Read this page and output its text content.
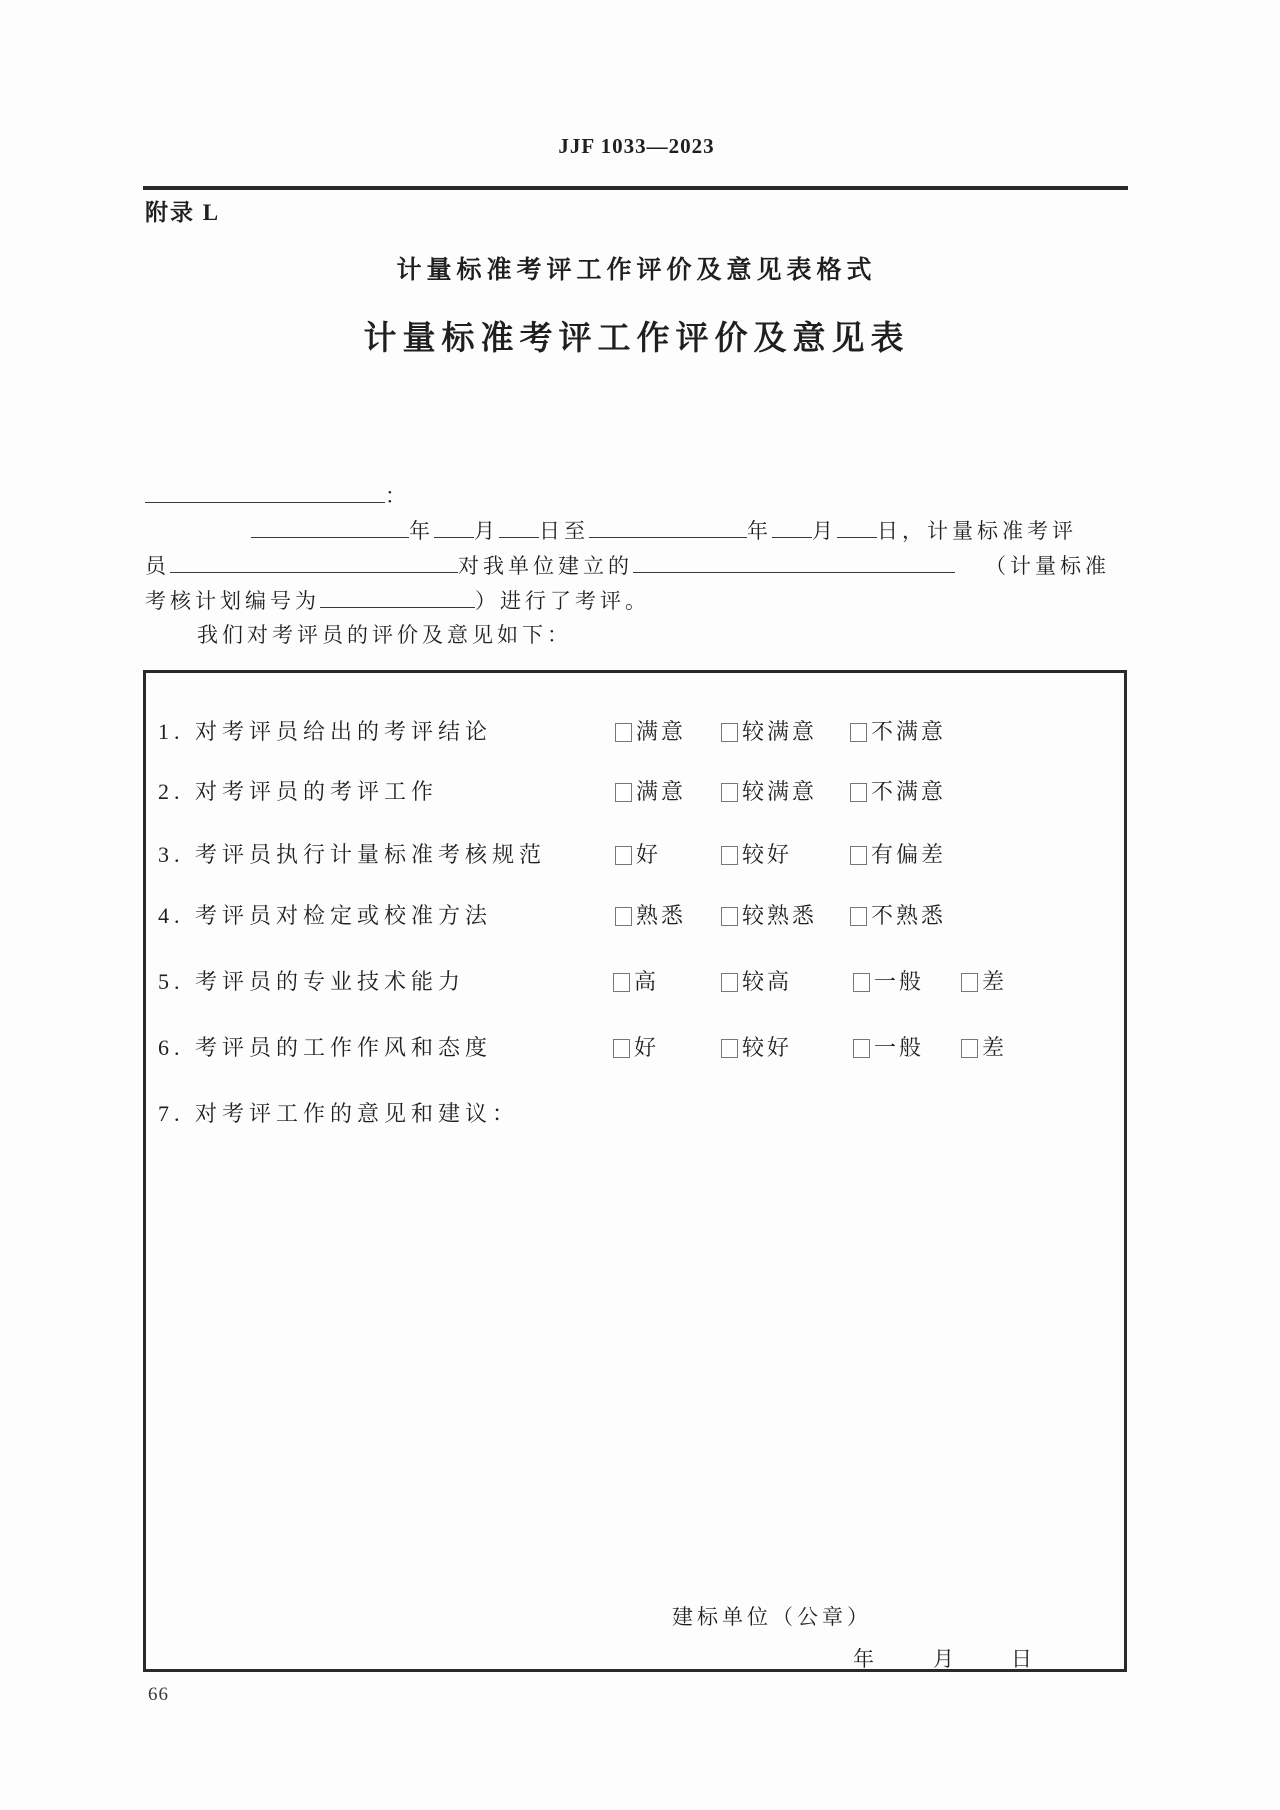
JJF 1033—2023
附录 L
计量标准考评工作评价及意见表格式
计量标准考评工作评价及意见表
：
年 月 日至	年 月 日，计量标准考评
员	对我单位建立的	（计量标准
考核计划编号为	）进行了考评。
我们对考评员的评价及意见如下：
1. 对考评员给出的考评结论	满意	较满意	不满意
2. 对考评员的考评工作	满意	较满意	不满意
3. 考评员执行计量标准考核规范	好	较好	有偏差
4. 考评员对检定或校准方法	熟悉	较熟悉	不熟悉
5. 考评员的专业技术能力	高	较高	一般	差
6. 考评员的工作作风和态度	好	较好	一般	差
7. 对考评工作的意见和建议：
建标单位（公章）
年	月	日
66
